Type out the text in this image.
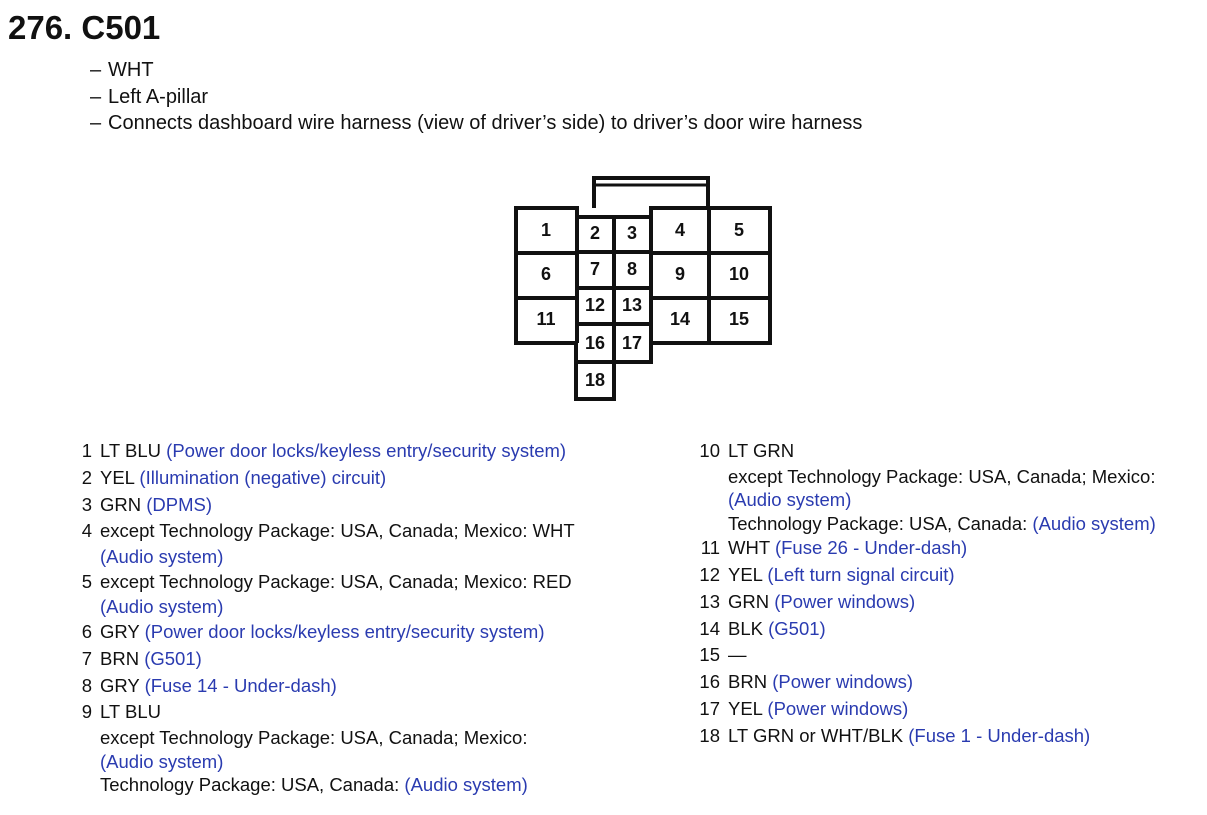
276. C501
– WHT
– Left A-pillar
– Connects dashboard wire harness (view of driver’s side) to driver’s door wire harness
1 2 3 4	5
6 7 8 9 10
11
12 13
14 15
16 17
18
1 LT BLU (Power door locks/keyless entry/security system)
2 YEL (Illumination (negative) circuit)
3 GRN (DPMS)
4 except Technology Package: USA, Canada; Mexico: WHT
(Audio system)
5 except Technology Package: USA, Canada; Mexico: RED
(Audio system)
6 GRY (Power door locks/keyless entry/security system)
7 BRN (G501)
8 GRY (Fuse 14 - Under-dash)
9 LT BLU
except Technology Package: USA, Canada; Mexico:
(Audio system)
Technology Package: USA, Canada: (Audio system)
10 LT GRN
except Technology Package: USA, Canada; Mexico:
(Audio system)
Technology Package: USA, Canada: (Audio system)
11 WHT (Fuse 26 - Under-dash)
12 YEL (Left turn signal circuit)
13 GRN (Power windows)
14 BLK (G501)
15 —
16 BRN (Power windows)
17 YEL (Power windows)
18 LT GRN or WHT/BLK (Fuse 1 - Under-dash)
